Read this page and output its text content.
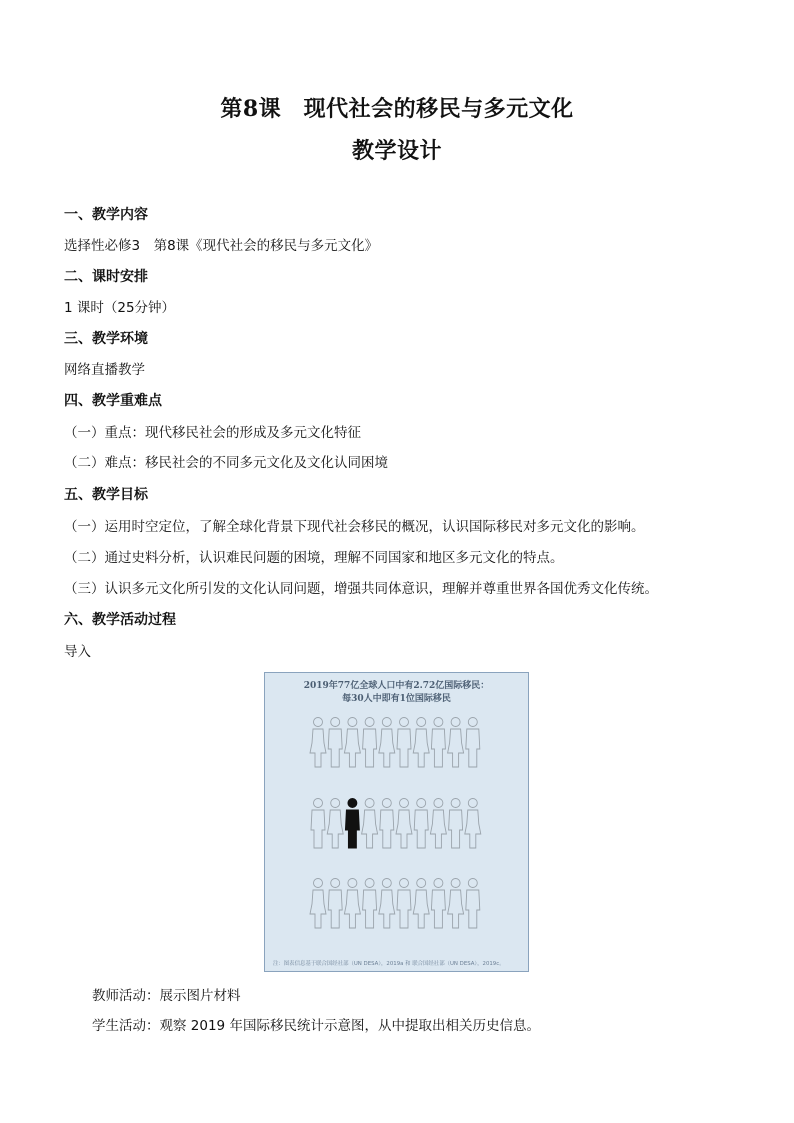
第8课　现代社会的移民与多元文化
教学设计
一、教学内容
选择性必修3　第8课《现代社会的移民与多元文化》
二、课时安排
1 课时（25分钟）
三、教学环境
网络直播教学
四、教学重难点
（一）重点：现代移民社会的形成及多元文化特征
（二）难点：移民社会的不同多元文化及文化认同困境
五、教学目标
（一）运用时空定位，了解全球化背景下现代社会移民的概况，认识国际移民对多元文化的影响。
（二）通过史料分析，认识难民问题的困境，理解不同国家和地区多元文化的特点。
（三）认识多元文化所引发的文化认同问题，增强共同体意识，理解并尊重世界各国优秀文化传统。
六、教学活动过程
导入
2019年77亿全球人口中有2.72亿国际移民：
每30人中即有1位国际移民
注：图表信息基于联合国经社部（UN DESA），2019a 和 联合国经社部（UN DESA），2019c。
教师活动：展示图片材料
学生活动：观察 2019 年国际移民统计示意图，从中提取出相关历史信息。
